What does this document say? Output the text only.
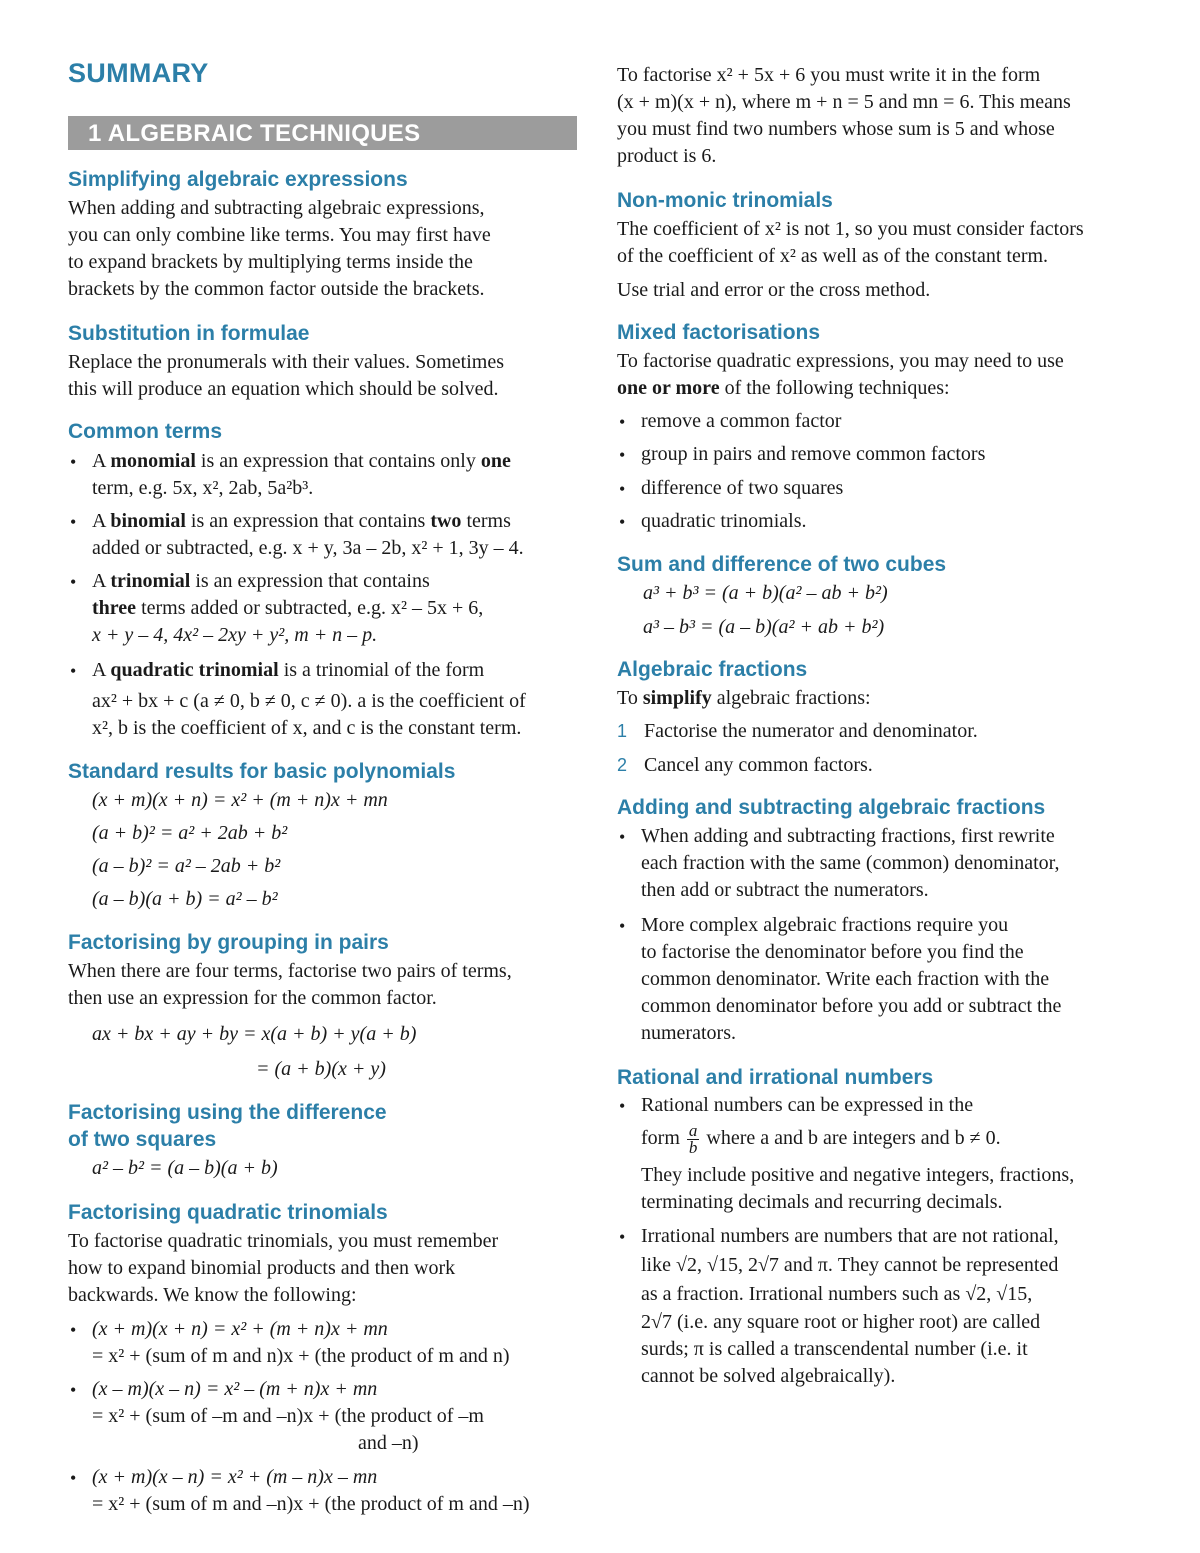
SUMMARY
1 ALGEBRAIC TECHNIQUES
Simplifying algebraic expressions
When adding and subtracting algebraic expressions,
you can only combine like terms. You may first have
to expand brackets by multiplying terms inside the
brackets by the common factor outside the brackets.
Substitution in formulae
Replace the pronumerals with their values. Sometimes
this will produce an equation which should be solved.
Common terms
• A monomial is an expression that contains only one
term, e.g. 5x, x², 2ab, 5a²b³.
• A binomial is an expression that contains two terms
added or subtracted, e.g. x + y, 3a – 2b, x² + 1, 3y – 4.
• A trinomial is an expression that contains
three terms added or subtracted, e.g. x² – 5x + 6,
x + y – 4, 4x² – 2xy + y², m + n – p.
• A quadratic trinomial is a trinomial of the form
ax² + bx + c (a ≠ 0, b ≠ 0, c ≠ 0). a is the coefficient of
x², b is the coefficient of x, and c is the constant term.
Standard results for basic polynomials
(x + m)(x + n) = x² + (m + n)x + mn
(a + b)² = a² + 2ab + b²
(a – b)² = a² – 2ab + b²
(a – b)(a + b) = a² – b²
Factorising by grouping in pairs
When there are four terms, factorise two pairs of terms,
then use an expression for the common factor.
ax + bx + ay + by = x(a + b) + y(a + b)
= (a + b)(x + y)
Factorising using the difference
of two squares
a² – b² = (a – b)(a + b)
Factorising quadratic trinomials
To factorise quadratic trinomials, you must remember
how to expand binomial products and then work
backwards. We know the following:
• (x + m)(x + n) = x² + (m + n)x + mn
= x² + (sum of m and n)x + (the product of m and n)
• (x – m)(x – n) = x² – (m + n)x + mn
= x² + (sum of –m and –n)x + (the product of –m
and –n)
• (x + m)(x – n) = x² + (m – n)x – mn
= x² + (sum of m and –n)x + (the product of m and –n)
To factorise x² + 5x + 6 you must write it in the form
(x + m)(x + n), where m + n = 5 and mn = 6. This means
you must find two numbers whose sum is 5 and whose
product is 6.
Non-monic trinomials
The coefficient of x² is not 1, so you must consider factors
of the coefficient of x² as well as of the constant term.
Use trial and error or the cross method.
Mixed factorisations
To factorise quadratic expressions, you may need to use
one or more of the following techniques:
• remove a common factor
• group in pairs and remove common factors
• difference of two squares
• quadratic trinomials.
Sum and difference of two cubes
a³ + b³ = (a + b)(a² – ab + b²)
a³ – b³ = (a – b)(a² + ab + b²)
Algebraic fractions
To simplify algebraic fractions:
1 Factorise the numerator and denominator.
2 Cancel any common factors.
Adding and subtracting algebraic fractions
• When adding and subtracting fractions, first rewrite
each fraction with the same (common) denominator,
then add or subtract the numerators.
• More complex algebraic fractions require you
to factorise the denominator before you find the
common denominator. Write each fraction with the
common denominator before you add or subtract the
numerators.
Rational and irrational numbers
• Rational numbers can be expressed in the
form $\frac{a}{b}$ where a and b are integers and b ≠ 0.
They include positive and negative integers, fractions,
terminating decimals and recurring decimals.
• Irrational numbers are numbers that are not rational,
like √2, √15, 2√7 and π. They cannot be represented
as a fraction. Irrational numbers such as √2, √15,
2√7 (i.e. any square root or higher root) are called
surds; π is called a transcendental number (i.e. it
cannot be solved algebraically).
